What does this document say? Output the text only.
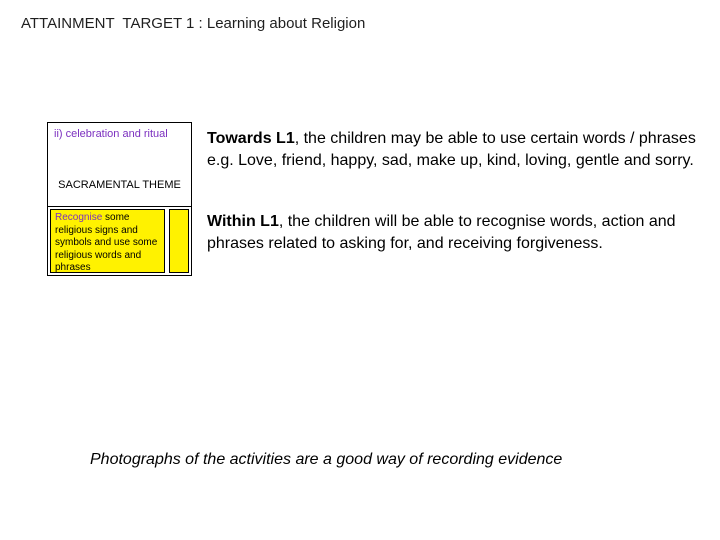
ATTAINMENT  TARGET 1 : Learning about Religion
ii) celebration and ritual
SACRAMENTAL THEME
Recognise some religious signs and symbols and use some religious words and phrases
Towards L1, the children may be able to use certain words / phrases e.g. Love, friend, happy, sad, make up, kind, loving, gentle and sorry.
Within L1, the children will be able to recognise words, action and phrases related to asking for, and receiving forgiveness.
Photographs of the activities are a good way of recording evidence
